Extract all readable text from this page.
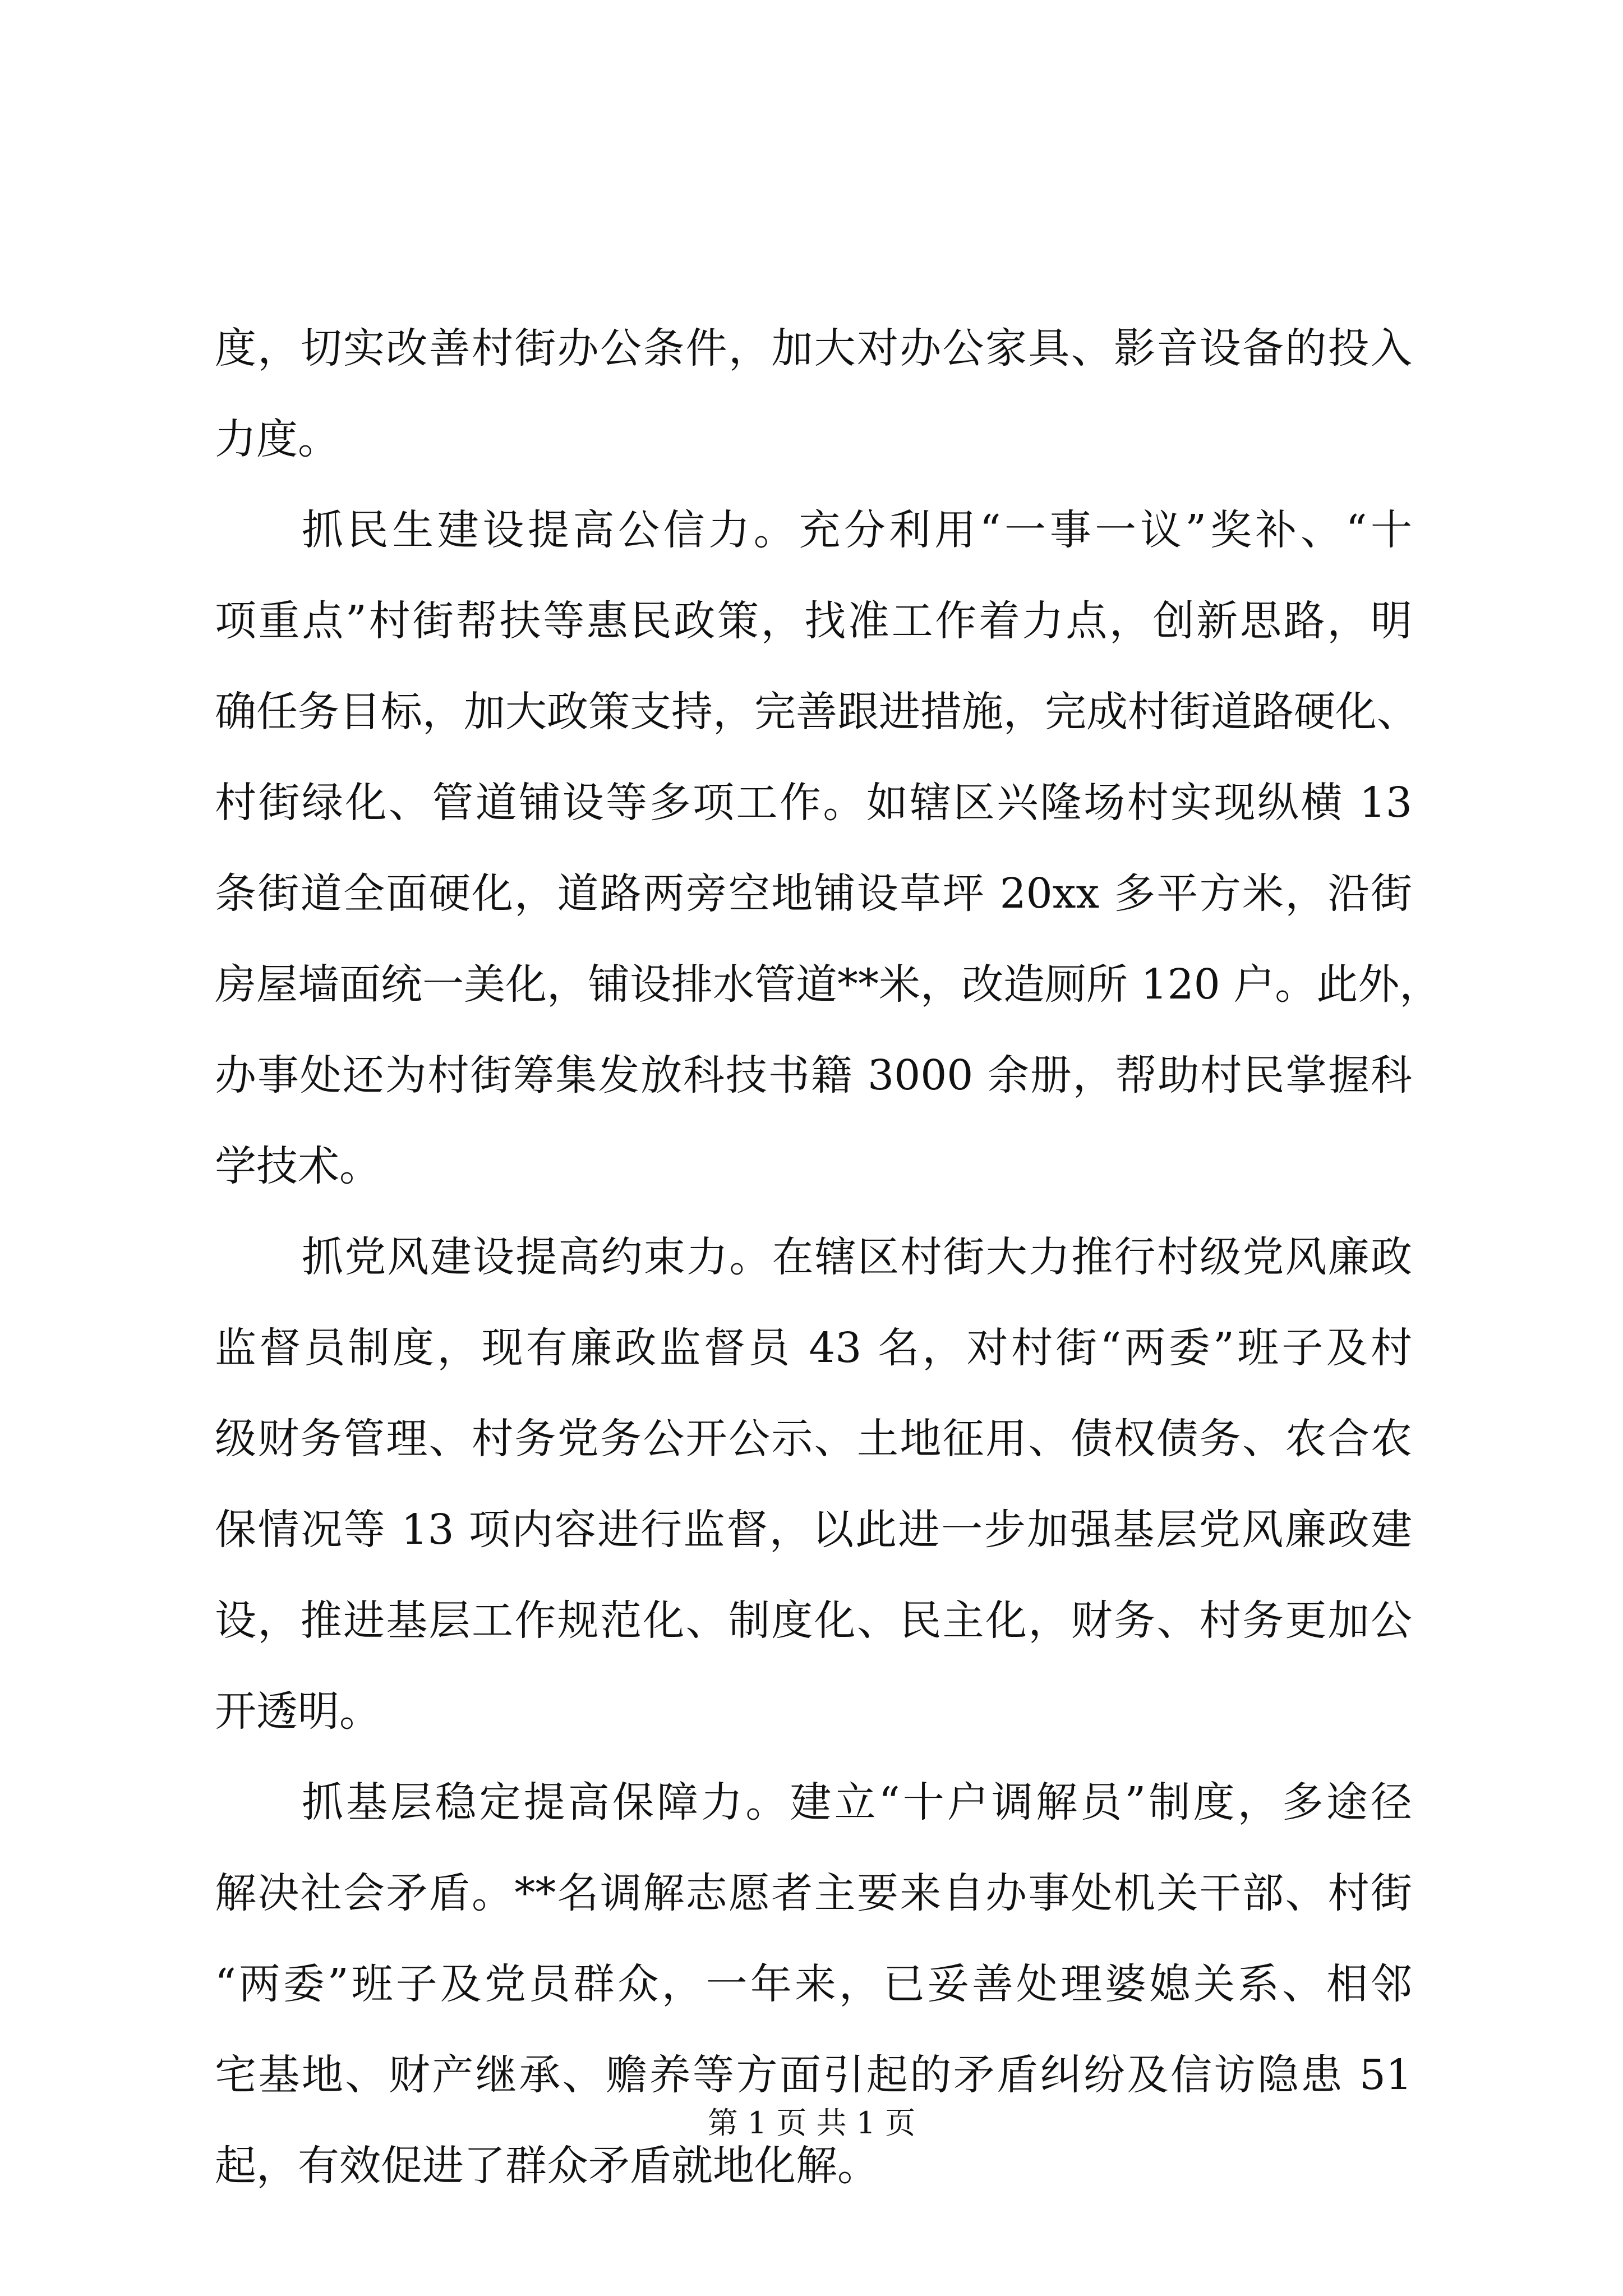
度，切实改善村街办公条件，加大对办公家具、影音设备的投入
力度。
抓民生建设提高公信力。充分利用“一事一议”奖补、“十
项重点”村街帮扶等惠民政策，找准工作着力点，创新思路，明
确任务目标，加大政策支持，完善跟进措施，完成村街道路硬化、
村街绿化、管道铺设等多项工作。如辖区兴隆场村实现纵横 13
条街道全面硬化，道路两旁空地铺设草坪 20xx 多平方米，沿街
房屋墙面统一美化，铺设排水管道**米，改造厕所 120 户。此外，
办事处还为村街筹集发放科技书籍 3000 余册，帮助村民掌握科
学技术。
抓党风建设提高约束力。在辖区村街大力推行村级党风廉政
监督员制度，现有廉政监督员 43 名，对村街“两委”班子及村
级财务管理、村务党务公开公示、土地征用、债权债务、农合农
保情况等 13 项内容进行监督，以此进一步加强基层党风廉政建
设，推进基层工作规范化、制度化、民主化，财务、村务更加公
开透明。
抓基层稳定提高保障力。建立“十户调解员”制度，多途径
解决社会矛盾。**名调解志愿者主要来自办事处机关干部、村街
“两委”班子及党员群众，一年来，已妥善处理婆媳关系、相邻
宅基地、财产继承、赡养等方面引起的矛盾纠纷及信访隐患 51
起，有效促进了群众矛盾就地化解。
第 1 页 共 1 页
